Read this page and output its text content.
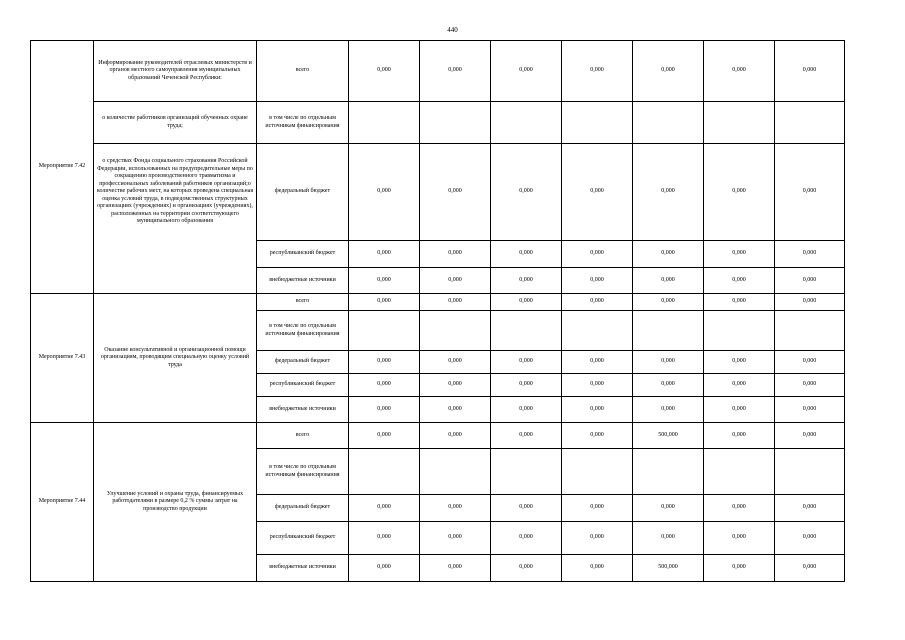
440
Мероприятие 7.42	Информирование руководителей отраслевых министерств и органов местного самоуправления муниципальных образований Чеченской Республики:	всего	0,000	0,000	0,000	0,000	0,000	0,000	0,000
	о количестве работников организаций обученных охране труда;	в том числе по отдельным источникам финансирования							
	о средствах Фонда социального страхования Российской Федерации, использованных на предупредительные меры по сокращению производственного травматизма и профессиональных заболеваний работников организаций;о количестве рабочих мест, на которых проведена специальная оценка условий труда, в подведомственных структурных организациях (учреждениях) и организациях (учреждениях), расположенных на территории соответствующего муниципального образования	федеральный бюджет	0,000	0,000	0,000	0,000	0,000	0,000	0,000
		республиканский бюджет	0,000	0,000	0,000	0,000	0,000	0,000	0,000
		внебюджетные источники	0,000	0,000	0,000	0,000	0,000	0,000	0,000
Мероприятие 7.43	Оказание консультативной и организационной помощи организациям, проводящим специальную оценку условий труда	всего	0,000	0,000	0,000	0,000	0,000	0,000	0,000
		в том числе по отдельным источникам финансирования							
		федеральный бюджет	0,000	0,000	0,000	0,000	0,000	0,000	0,000
		республиканский бюджет	0,000	0,000	0,000	0,000	0,000	0,000	0,000
		внебюджетные источники	0,000	0,000	0,000	0,000	0,000	0,000	0,000
Мероприятие 7.44	Улучшение условий и охраны труда, финансируемых работодателями в размере 0,2 % суммы затрат на производство продукции	всего	0,000	0,000	0,000	0,000	500,000	0,000	0,000
		в том числе по отдельным источникам финансирования							
		федеральный бюджет	0,000	0,000	0,000	0,000	0,000	0,000	0,000
		республиканский бюджет	0,000	0,000	0,000	0,000	0,000	0,000	0,000
		внебюджетные источники	0,000	0,000	0,000	0,000	500,000	0,000	0,000
